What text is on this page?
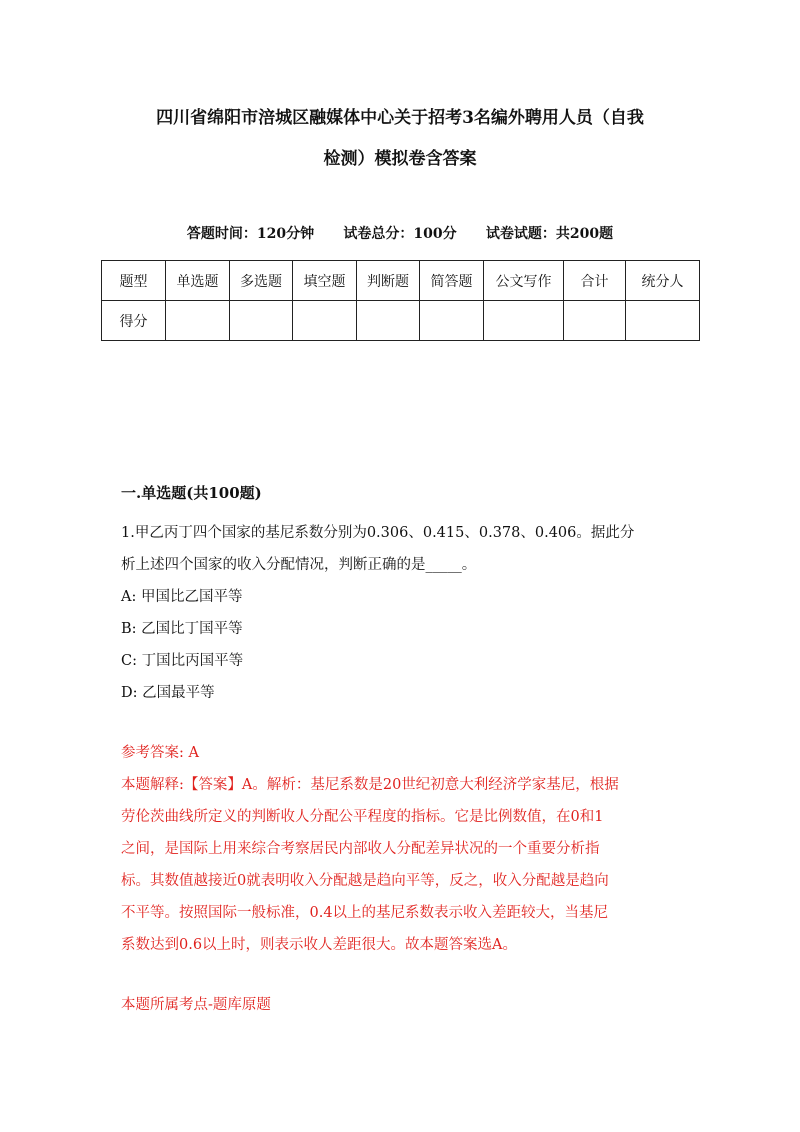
四川省绵阳市涪城区融媒体中心关于招考3名编外聘用人员（自我
检测）模拟卷含答案
答题时间：120分钟      试卷总分：100分      试卷试题：共200题
题型	单选题	多选题	填空题	判断题	简答题	公文写作	合计	统分人
得分								
一.单选题(共100题)
1.甲乙丙丁四个国家的基尼系数分别为0.306、0.415、0.378、0.406。据此分
析上述四个国家的收入分配情况，判断正确的是_____。
A: 甲国比乙国平等
B: 乙国比丁国平等
C: 丁国比丙国平等
D: 乙国最平等
参考答案: A
本题解释:【答案】A。解析：基尼系数是20世纪初意大利经济学家基尼，根据
劳伦茨曲线所定义的判断收人分配公平程度的指标。它是比例数值，在0和1
之间，是国际上用来综合考察居民内部收人分配差异状况的一个重要分析指
标。其数值越接近0就表明收入分配越是趋向平等，反之，收入分配越是趋向
不平等。按照国际一般标准，0.4以上的基尼系数表示收入差距较大，当基尼
系数达到0.6以上时，则表示收人差距很大。故本题答案选A。
本题所属考点-题库原题
